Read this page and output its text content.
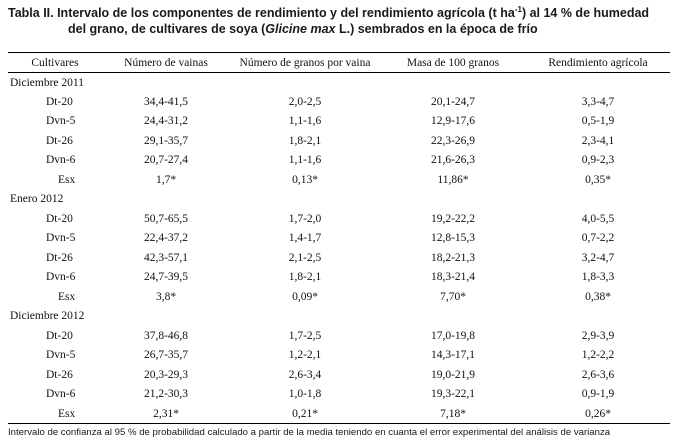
Tabla II. Intervalo de los componentes de rendimiento y del rendimiento agrícola (t $ha^{-1}$) al 14 % de humedad
del grano, de cultivares de soya (Glicine max L.) sembrados en la época de frío
Cultivares	Número de vainas	Número de granos por vaina	Masa de 100 granos	Rendimiento agrícola
Diciembre 2011				
Dt-20	34,4-41,5	2,0-2,5	20,1-24,7	3,3-4,7
Dvn-5	24,4-31,2	1,1-1,6	12,9-17,6	0,5-1,9
Dt-26	29,1-35,7	1,8-2,1	22,3-26,9	2,3-4,1
Dvn-6	20,7-27,4	1,1-1,6	21,6-26,3	0,9-2,3
Esx	1,7*	0,13*	11,86*	0,35*
Enero 2012				
Dt-20	50,7-65,5	1,7-2,0	19,2-22,2	4,0-5,5
Dvn-5	22,4-37,2	1,4-1,7	12,8-15,3	0,7-2,2
Dt-26	42,3-57,1	2,1-2,5	18,2-21,3	3,2-4,7
Dvn-6	24,7-39,5	1,8-2,1	18,3-21,4	1,8-3,3
Esx	3,8*	0,09*	7,70*	0,38*
Diciembre 2012				
Dt-20	37,8-46,8	1,7-2,5	17,0-19,8	2,9-3,9
Dvn-5	26,7-35,7	1,2-2,1	14,3-17,1	1,2-2,2
Dt-26	20,3-29,3	2,6-3,4	19,0-21,9	2,6-3,6
Dvn-6	21,2-30,3	1,0-1,8	19,3-22,1	0,9-1,9
Esx	2,31*	0,21*	7,18*	0,26*
Intervalo de confianza al 95 % de probabilidad calculado a partir de la media teniendo en cuanta el error experimental del análisis de varianza
